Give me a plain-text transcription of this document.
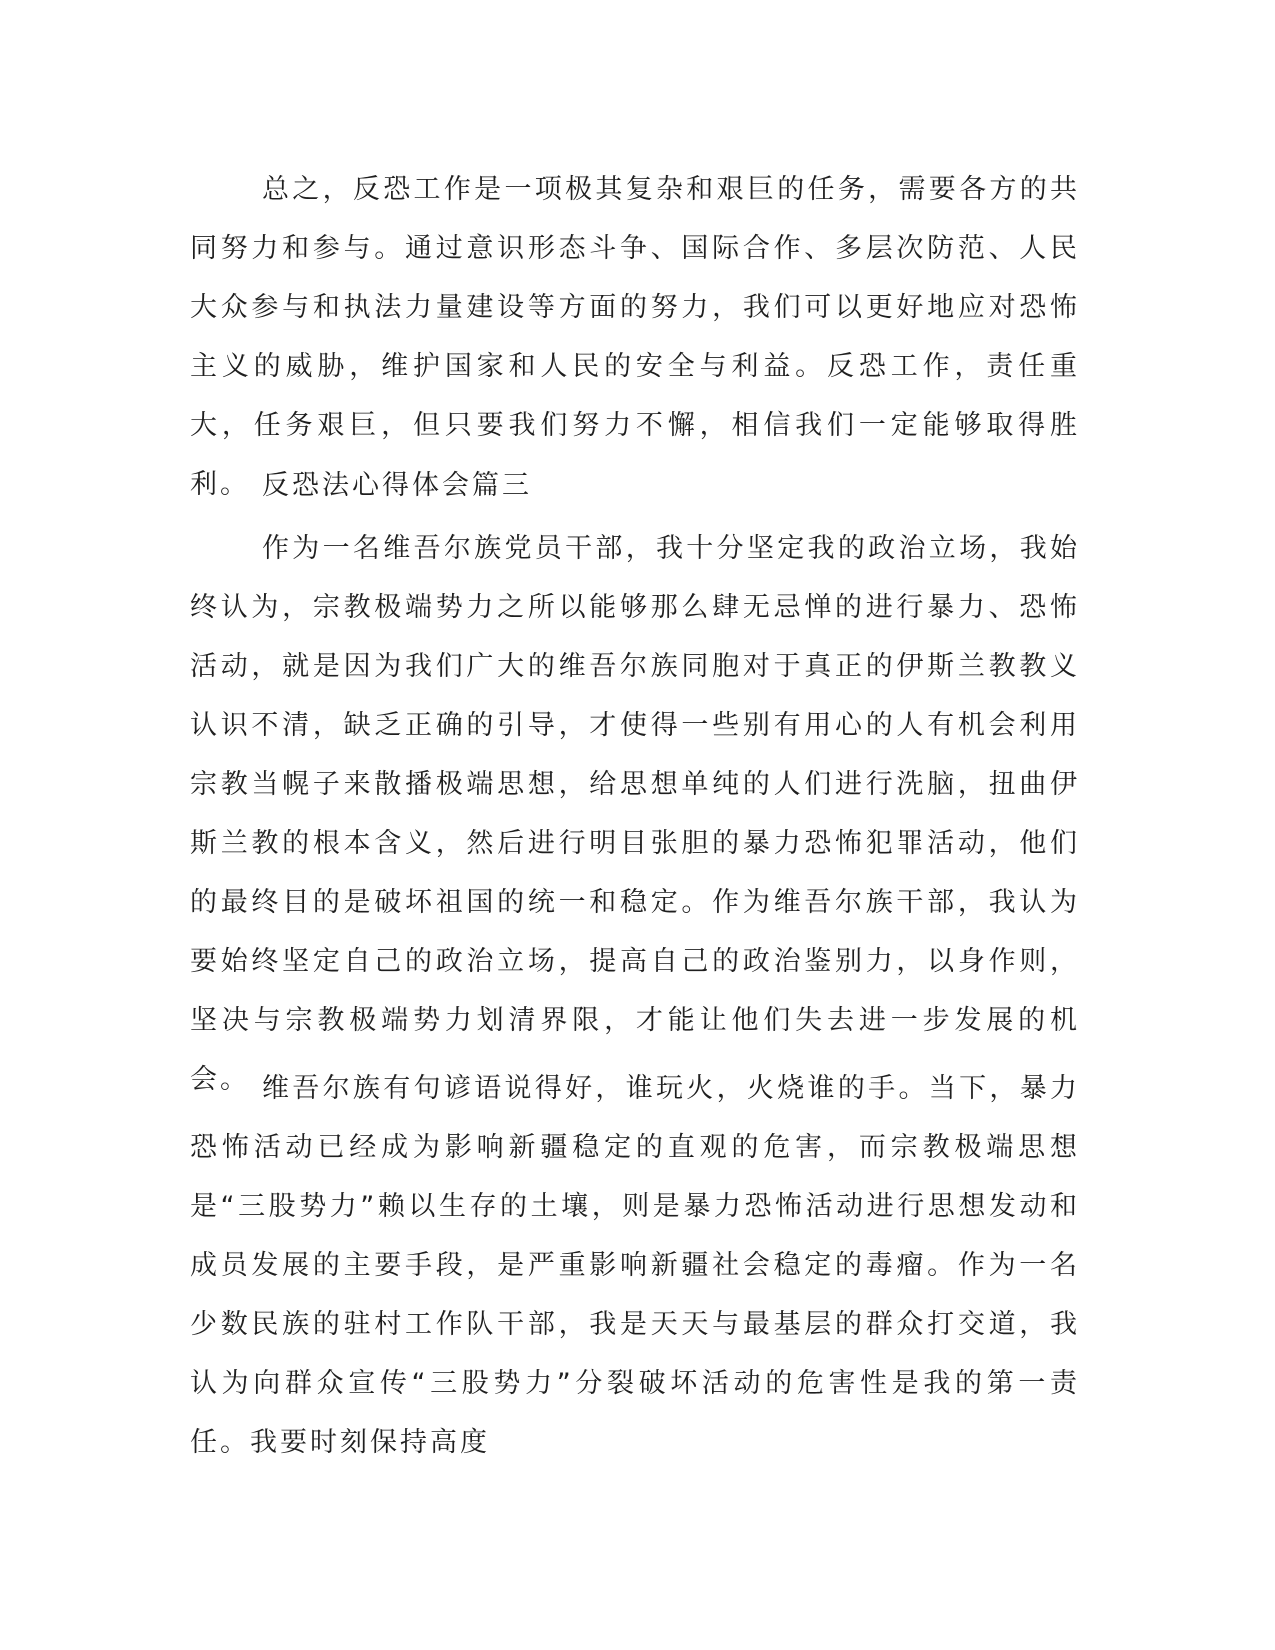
总之，反恐工作是一项极其复杂和艰巨的任务，需要各方的共同努力和参与。通过意识形态斗争、国际合作、多层次防范、人民大众参与和执法力量建设等方面的努力，我们可以更好地应对恐怖主义的威胁，维护国家和人民的安全与利益。反恐工作，责任重大，任务艰巨，但只要我们努力不懈，相信我们一定能够取得胜利。 反恐法心得体会篇三

作为一名维吾尔族党员干部，我十分坚定我的政治立场，我始终认为，宗教极端势力之所以能够那么肆无忌惮的进行暴力、恐怖活动，就是因为我们广大的维吾尔族同胞对于真正的伊斯兰教教义认识不清，缺乏正确的引导，才使得一些别有用心的人有机会利用宗教当幌子来散播极端思想，给思想单纯的人们进行洗脑，扭曲伊斯兰教的根本含义，然后进行明目张胆的暴力恐怖犯罪活动，他们的最终目的是破坏祖国的统一和稳定。作为维吾尔族干部，我认为要始终坚定自己的政治立场，提高自己的政治鉴别力，以身作则，坚决与宗教极端势力划清界限，才能让他们失去进一步发展的机会。 维吾尔族有句谚语说得好，谁玩火，火烧谁的手。当下，暴力恐怖活动已经成为影响新疆稳定的直观的危害，而宗教极端思想是“三股势力”赖以生存的土壤，则是暴力恐怖活动进行思想发动和成员发展的主要手段，是严重影响新疆社会稳定的毒瘤。作为一名少数民族的驻村工作队干部，我是天天与最基层的群众打交道，我认为向群众宣传“三股势力”分裂破坏活动的危害性是我的第一责任。我要时刻保持高度
